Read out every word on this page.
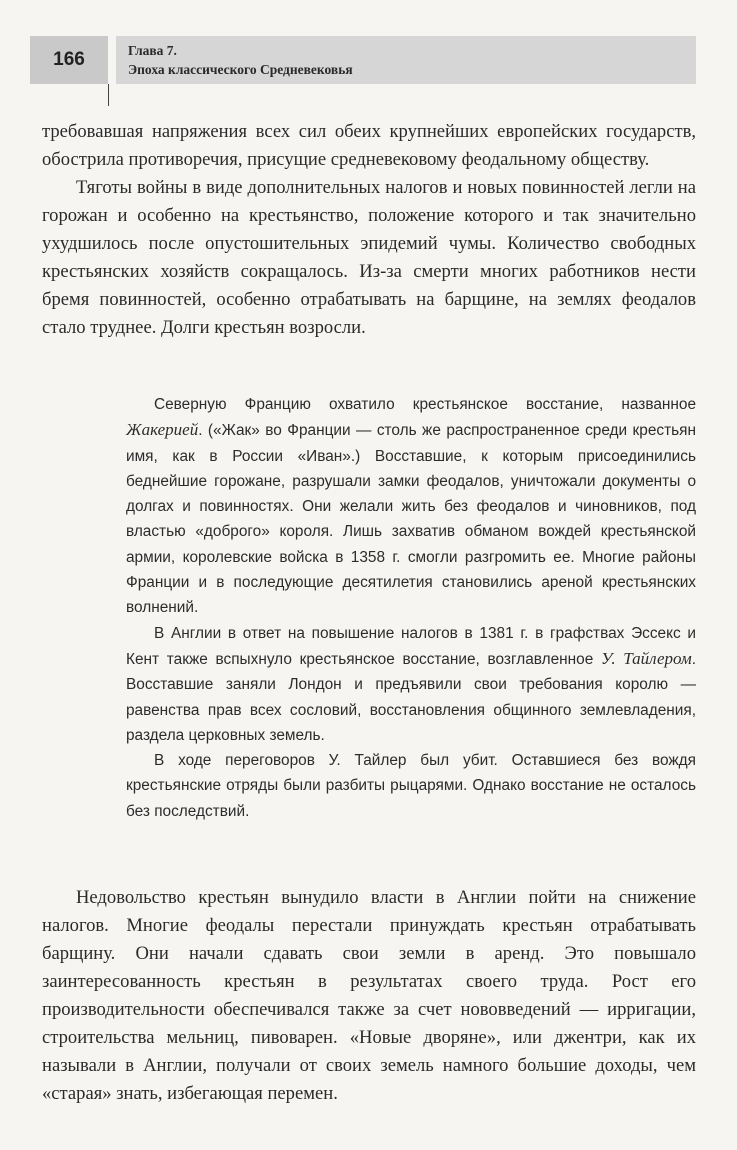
166	Глава 7.
Эпоха классического Средневековья

требовавшая напряжения всех сил обеих крупнейших европейских государств, обострила противоречия, присущие средневековому феодальному обществу.

Тяготы войны в виде дополнительных налогов и новых повинностей легли на горожан и особенно на крестьянство, положение которого и так значительно ухудшилось после опустошительных эпидемий чумы. Количество свободных крестьянских хозяйств сокращалось. Из-за смерти многих работников нести бремя повинностей, особенно отрабатывать на барщине, на землях феодалов стало труднее. Долги крестьян возросли.

Северную Францию охватило крестьянское восстание, названное Жакерией. («Жак» во Франции — столь же распространенное среди крестьян имя, как в России «Иван».) Восставшие, к которым присоединились беднейшие горожане, разрушали замки феодалов, уничтожали документы о долгах и повинностях. Они желали жить без феодалов и чиновников, под властью «доброго» короля. Лишь захватив обманом вождей крестьянской армии, королевские войска в 1358 г. смогли разгромить ее. Многие районы Франции и в последующие десятилетия становились ареной крестьянских волнений.

В Англии в ответ на повышение налогов в 1381 г. в графствах Эссекс и Кент также вспыхнуло крестьянское восстание, возглавленное У. Тайлером. Восставшие заняли Лондон и предъявили свои требования королю — равенства прав всех сословий, восстановления общинного землевладения, раздела церковных земель.

В ходе переговоров У. Тайлер был убит. Оставшиеся без вождя крестьянские отряды были разбиты рыцарями. Однако восстание не осталось без последствий.

Недовольство крестьян вынудило власти в Англии пойти на снижение налогов. Многие феодалы перестали принуждать крестьян отрабатывать барщину. Они начали сдавать свои земли в аренд. Это повышало заинтересованность крестьян в результатах своего труда. Рост его производительности обеспечивался также за счет нововведений — ирригации, строительства мельниц, пивоварен. «Новые дворяне», или джентри, как их называли в Англии, получали от своих земель намного большие доходы, чем «старая» знать, избегающая перемен.
